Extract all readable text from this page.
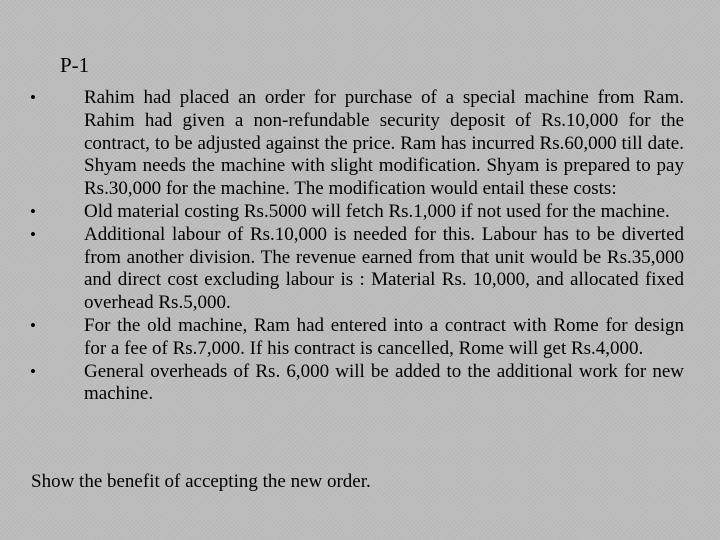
P-1
•	Rahim had placed an order for purchase of a special machine from Ram. Rahim had given a non-refundable security deposit of Rs.10,000 for the contract, to be adjusted against the price. Ram has incurred Rs.60,000 till date. Shyam needs the machine with slight modification. Shyam is prepared to pay Rs.30,000 for the machine. The modification would entail these costs:
•	Old material costing Rs.5000 will fetch Rs.1,000 if not used for the machine.
•	Additional labour of Rs.10,000 is needed for this. Labour has to be diverted from another division. The revenue earned from that unit would be Rs.35,000 and direct cost excluding labour is : Material Rs. 10,000, and allocated fixed overhead Rs.5,000.
•	For the old machine, Ram had entered into a contract with Rome for design for a fee of Rs.7,000. If his contract is cancelled, Rome will get Rs.4,000.
•	General overheads of Rs. 6,000 will be added to the additional work for new machine.

Show the benefit of accepting the new order.
